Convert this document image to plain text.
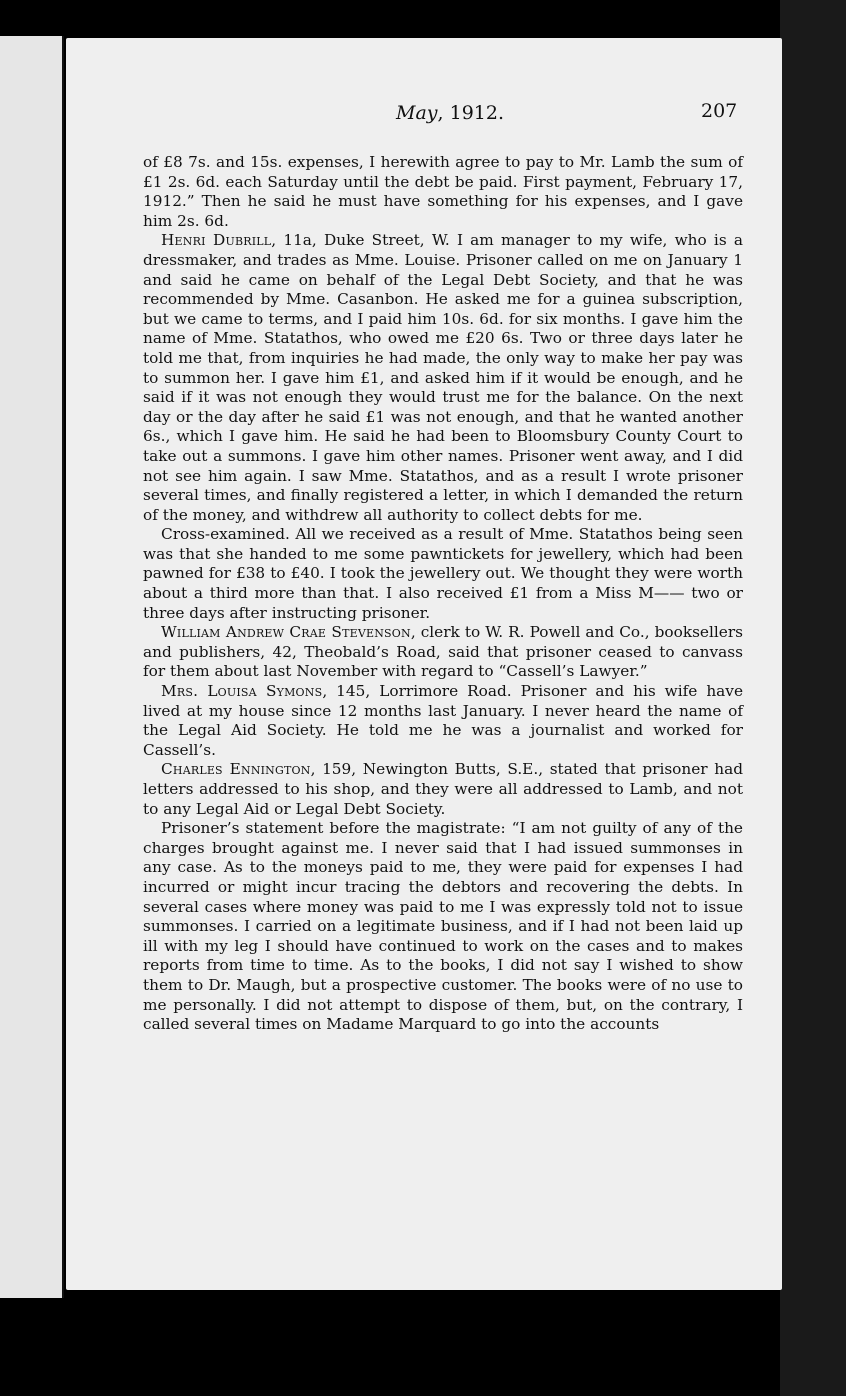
May, 1912.	207

of £8 7s. and 15s. expenses, I herewith agree to pay to Mr. Lamb the sum of £1 2s. 6d. each Saturday until the debt be paid. First payment, February 17, 1912.” Then he said he must have something for his expenses, and I gave him 2s. 6d.

Henri Dubrill, 11a, Duke Street, W. I am manager to my wife, who is a dressmaker, and trades as Mme. Louise. Prisoner called on me on January 1 and said he came on behalf of the Legal Debt Society, and that he was recommended by Mme. Casanbon. He asked me for a guinea subscription, but we came to terms, and I paid him 10s. 6d. for six months. I gave him the name of Mme. Statathos, who owed me £20 6s. Two or three days later he told me that, from inquiries he had made, the only way to make her pay was to summon her. I gave him £1, and asked him if it would be enough, and he said if it was not enough they would trust me for the balance. On the next day or the day after he said £1 was not enough, and that he wanted another 6s., which I gave him. He said he had been to Bloomsbury County Court to take out a summons. I gave him other names. Prisoner went away, and I did not see him again. I saw Mme. Statathos, and as a result I wrote prisoner several times, and finally registered a letter, in which I demanded the return of the money, and withdrew all authority to collect debts for me.

Cross-examined. All we received as a result of Mme. Statathos being seen was that she handed to me some pawntickets for jewellery, which had been pawned for £38 to £40. I took the jewellery out. We thought they were worth about a third more than that. I also received £1 from a Miss M—— two or three days after instructing prisoner.

William Andrew Crae Stevenson, clerk to W. R. Powell and Co., booksellers and publishers, 42, Theobald’s Road, said that prisoner ceased to canvass for them about last November with regard to “Cassell’s Lawyer.”

Mrs. Louisa Symons, 145, Lorrimore Road. Prisoner and his wife have lived at my house since 12 months last January. I never heard the name of the Legal Aid Society. He told me he was a journalist and worked for Cassell’s.

Charles Ennington, 159, Newington Butts, S.E., stated that prisoner had letters addressed to his shop, and they were all addressed to Lamb, and not to any Legal Aid or Legal Debt Society.

Prisoner’s statement before the magistrate: “I am not guilty of any of the charges brought against me. I never said that I had issued summonses in any case. As to the moneys paid to me, they were paid for expenses I had incurred or might incur tracing the debtors and recovering the debts. In several cases where money was paid to me I was expressly told not to issue summonses. I carried on a legitimate business, and if I had not been laid up ill with my leg I should have continued to work on the cases and to makes reports from time to time. As to the books, I did not say I wished to show them to Dr. Maugh, but a prospective customer. The books were of no use to me personally. I did not attempt to dispose of them, but, on the contrary, I called several times on Madame Marquard to go into the accounts
